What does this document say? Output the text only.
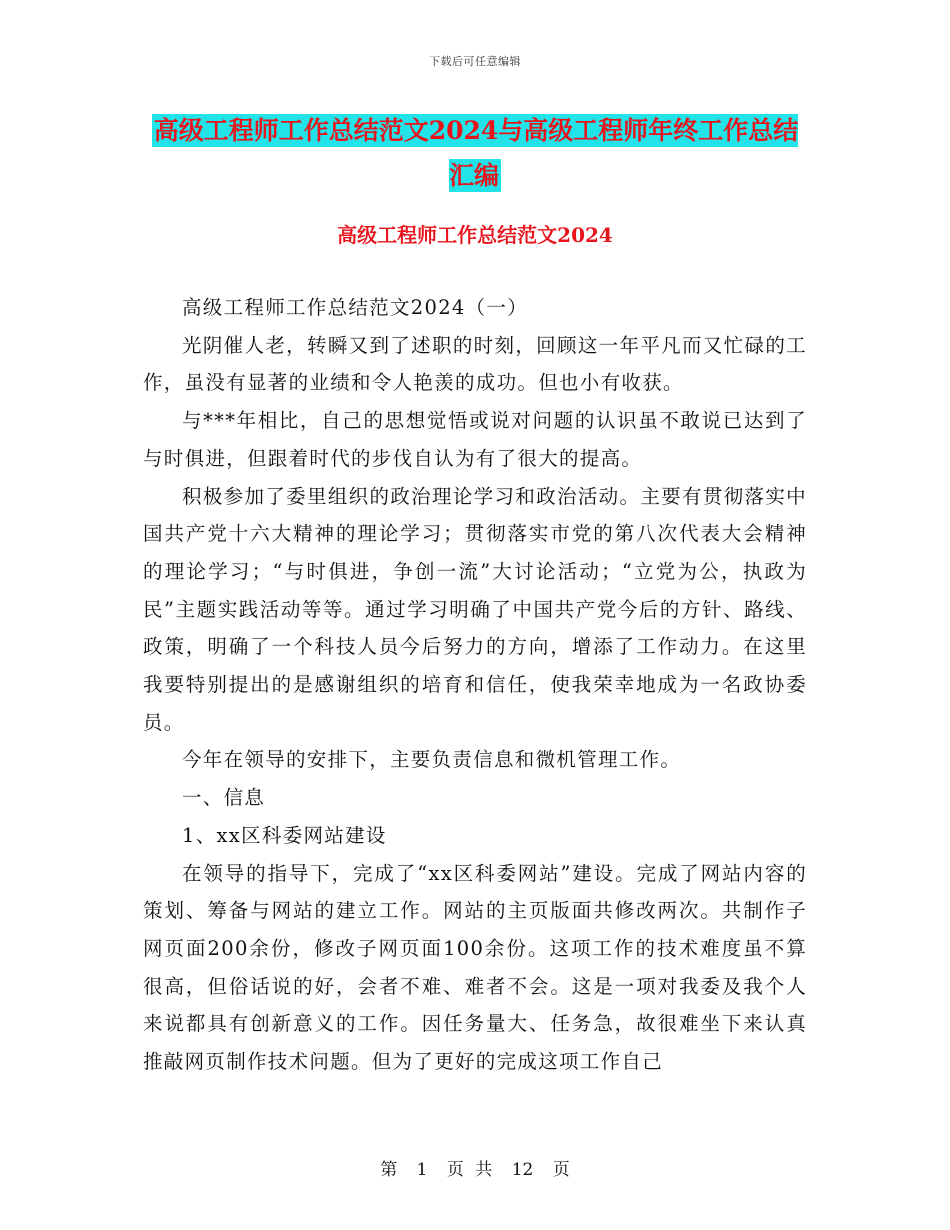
下载后可任意编辑
高级工程师工作总结范文2024与高级工程师年终工作总结汇编
高级工程师工作总结范文2024

高级工程师工作总结范文2024（一）

光阴催人老，转瞬又到了述职的时刻，回顾这一年平凡而又忙碌的工作，虽没有显著的业绩和令人艳羡的成功。但也小有收获。

与***年相比，自己的思想觉悟或说对问题的认识虽不敢说已达到了与时俱进，但跟着时代的步伐自认为有了很大的提高。

积极参加了委里组织的政治理论学习和政治活动。主要有贯彻落实中国共产党十六大精神的理论学习；贯彻落实市党的第八次代表大会精神的理论学习；“与时俱进，争创一流”大讨论活动；“立党为公，执政为民”主题实践活动等等。通过学习明确了中国共产党今后的方针、路线、政策，明确了一个科技人员今后努力的方向，增添了工作动力。在这里我要特别提出的是感谢组织的培育和信任，使我荣幸地成为一名政协委员。

今年在领导的安排下，主要负责信息和微机管理工作。

一、信息

1、xx区科委网站建设

在领导的指导下，完成了“xx区科委网站”建设。完成了网站内容的策划、筹备与网站的建立工作。网站的主页版面共修改两次。共制作子网页面200余份，修改子网页面100余份。这项工作的技术难度虽不算很高，但俗话说的好，会者不难、难者不会。这是一项对我委及我个人来说都具有创新意义的工作。因任务量大、任务急，故很难坐下来认真推敲网页制作技术问题。但为了更好的完成这项工作自己

第 1 页 共 12 页
